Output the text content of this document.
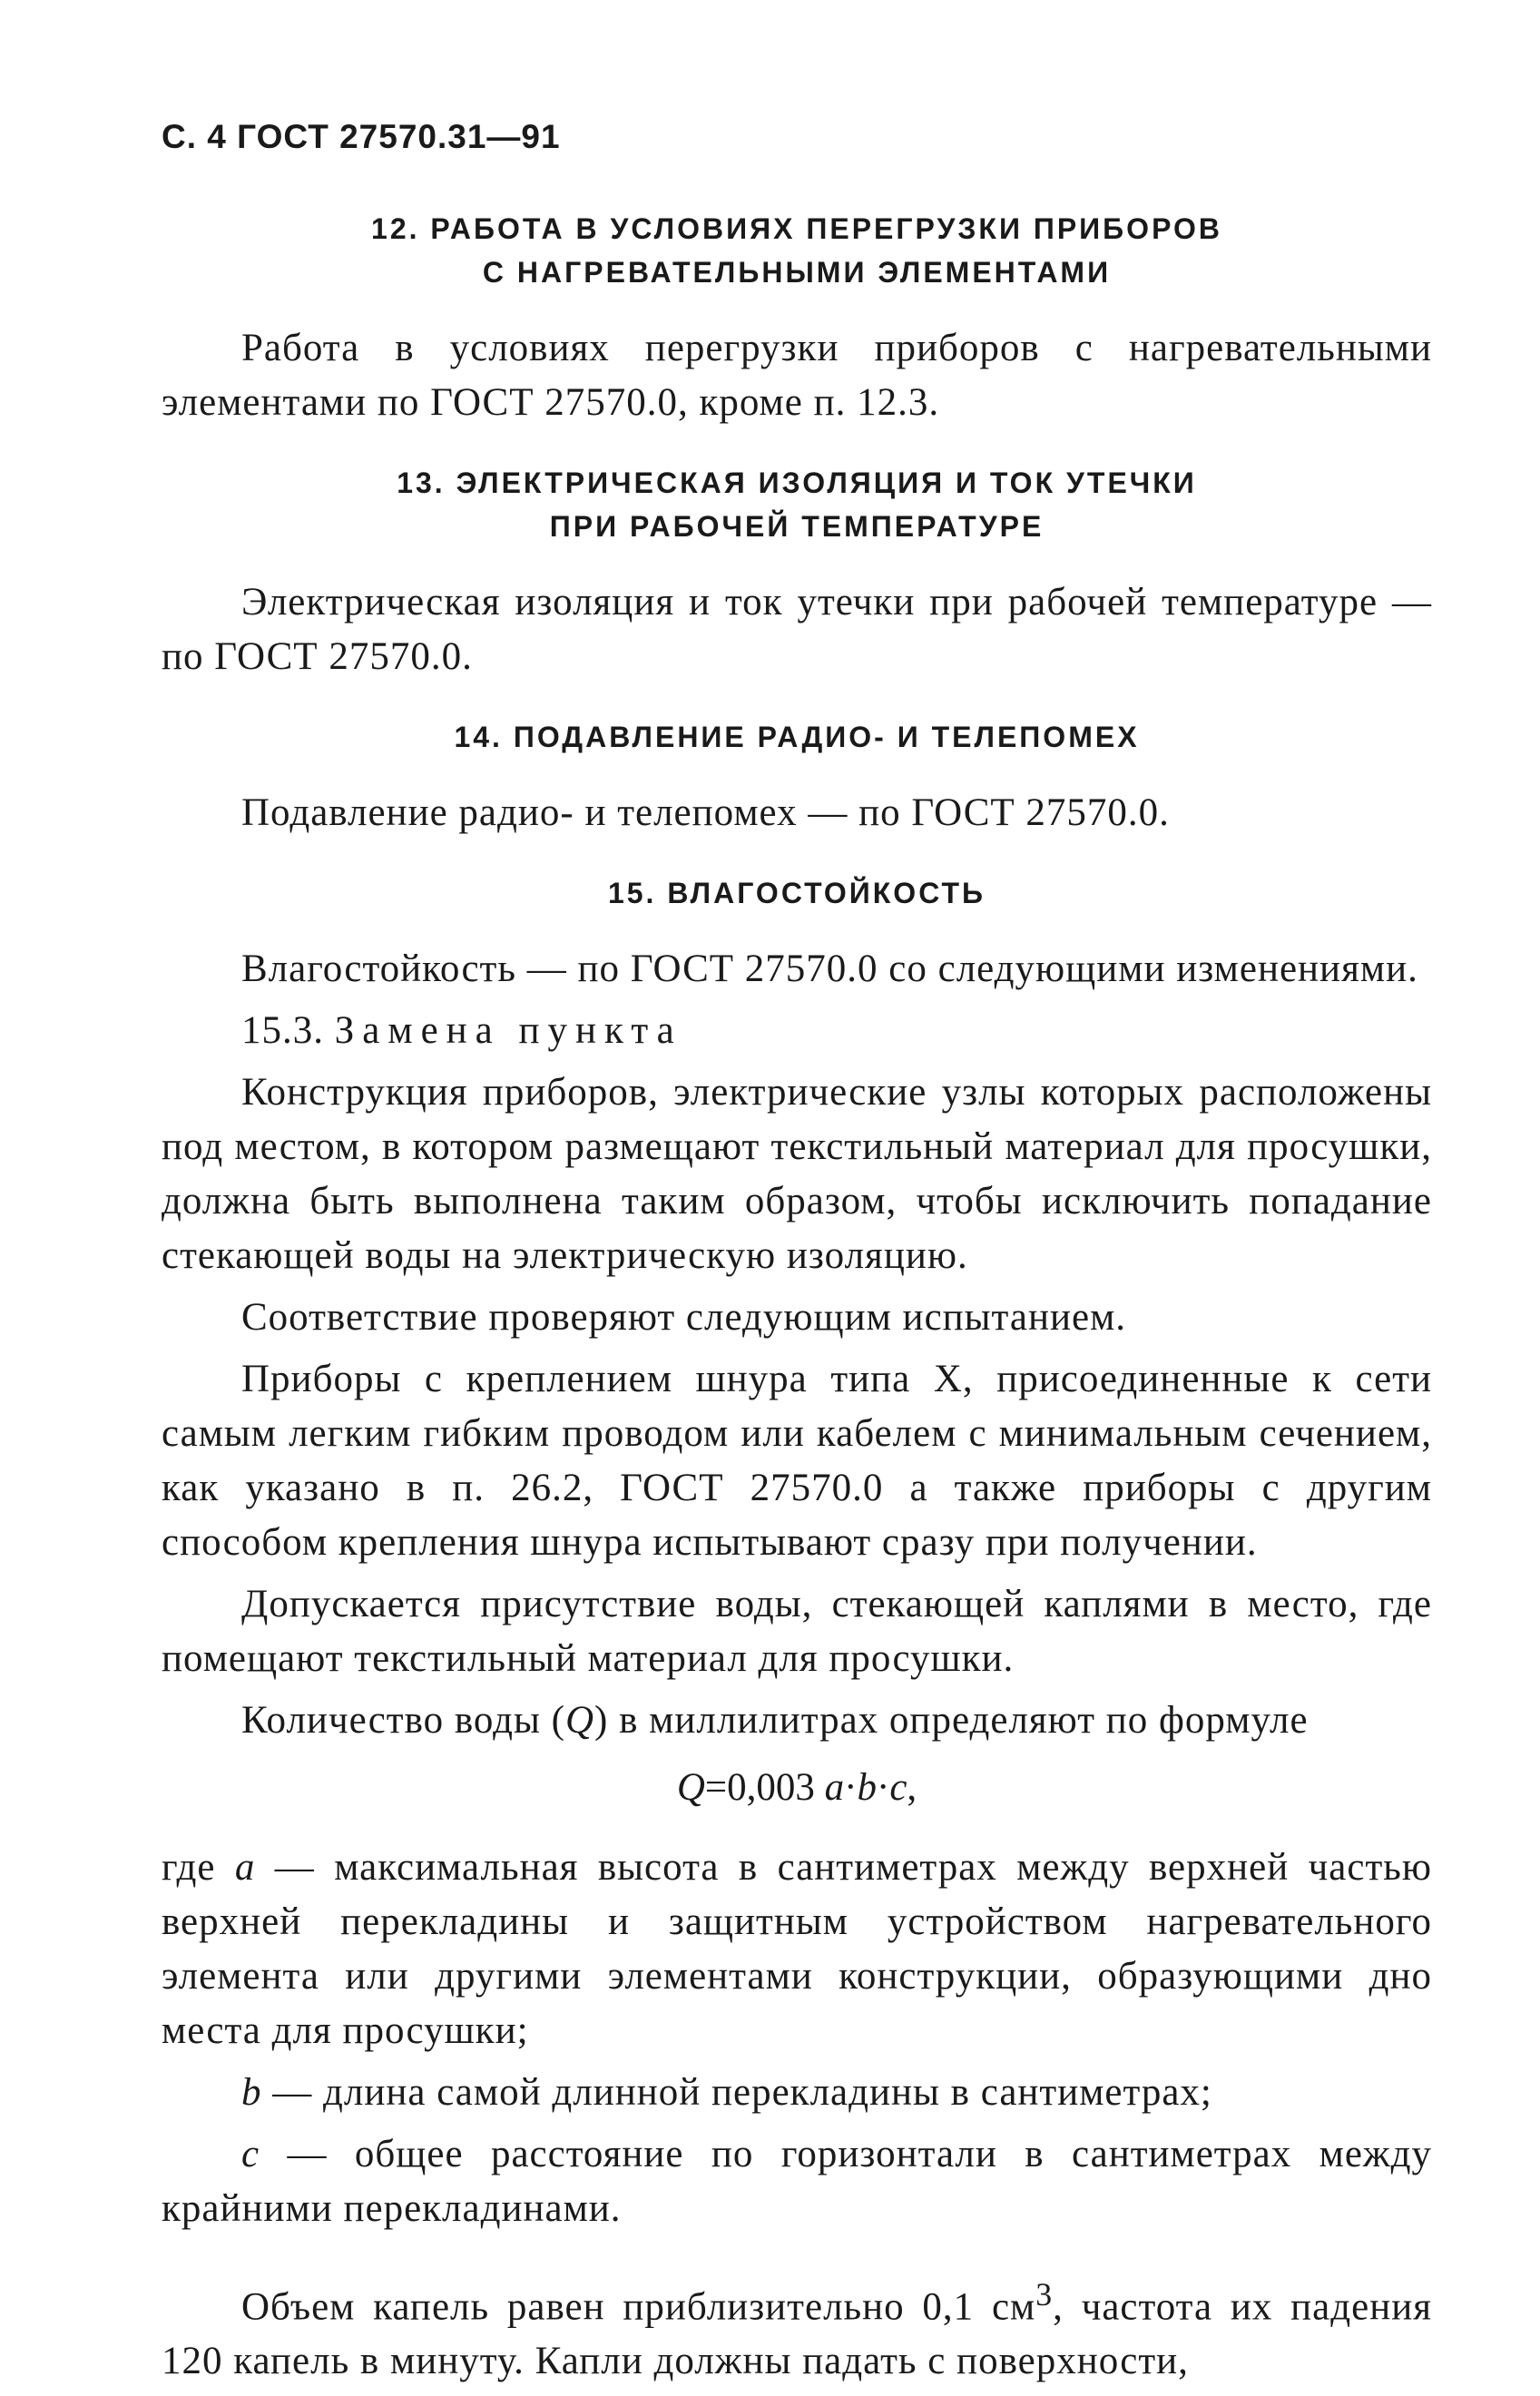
С. 4 ГОСТ 27570.31—91
12. РАБОТА В УСЛОВИЯХ ПЕРЕГРУЗКИ ПРИБОРОВ
С НАГРЕВАТЕЛЬНЫМИ ЭЛЕМЕНТАМИ

Работа в условиях перегрузки приборов с нагревательными элементами по ГОСТ 27570.0, кроме п. 12.3.

13. ЭЛЕКТРИЧЕСКАЯ ИЗОЛЯЦИЯ И ТОК УТЕЧКИ
ПРИ РАБОЧЕЙ ТЕМПЕРАТУРЕ

Электрическая изоляция и ток утечки при рабочей температуре — по ГОСТ 27570.0.

14. ПОДАВЛЕНИЕ РАДИО- И ТЕЛЕПОМЕХ

Подавление радио- и телепомех — по ГОСТ 27570.0.

15. ВЛАГОСТОЙКОСТЬ

Влагостойкость — по ГОСТ 27570.0 со следующими изменениями.

15.3. Замена пункта

Конструкция приборов, электрические узлы которых расположены под местом, в котором размещают текстильный материал для просушки, должна быть выполнена таким образом, чтобы исключить попадание стекающей воды на электрическую изоляцию.

Соответствие проверяют следующим испытанием.

Приборы с креплением шнура типа X, присоединенные к сети самым легким гибким проводом или кабелем с минимальным сечением, как указано в п. 26.2, ГОСТ 27570.0 а также приборы с другим способом крепления шнура испытывают сразу при получении.

Допускается присутствие воды, стекающей каплями в место, где помещают текстильный материал для просушки.

Количество воды (Q) в миллилитрах определяют по формуле

Q=0,003 a·b·c,

где a — максимальная высота в сантиметрах между верхней частью верхней перекладины и защитным устройством нагревательного элемента или другими элементами конструкции, образующими дно места для просушки;

b — длина самой длинной перекладины в сантиметрах;

c — общее расстояние по горизонтали в сантиметрах между крайними перекладинами.

Объем капель равен приблизительно 0,1 $см^3$, частота их падения 120 капель в минуту. Капли должны падать с поверхности,
